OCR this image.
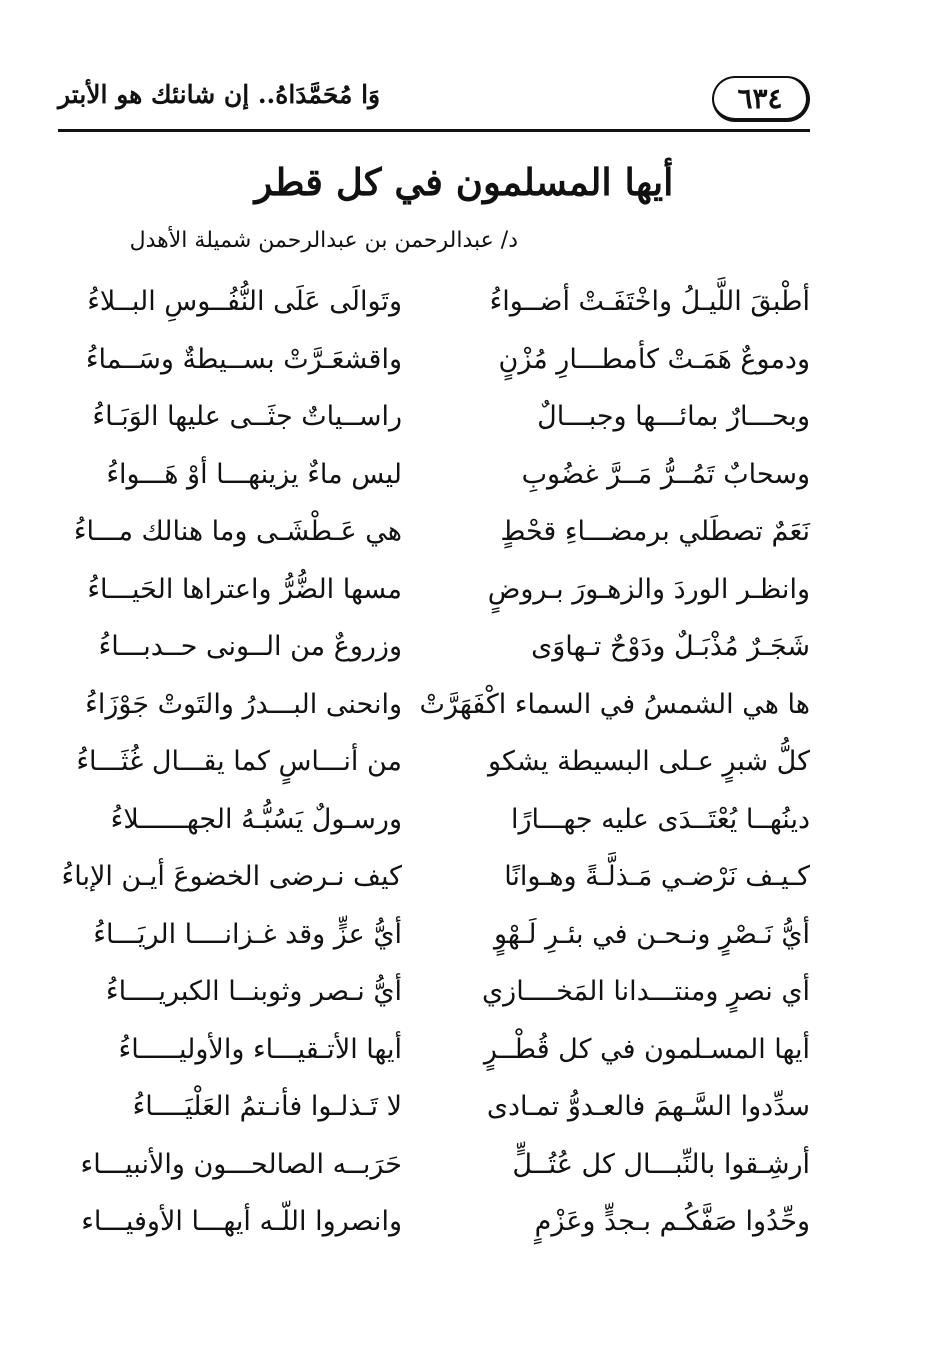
وَا مُحَمَّدَاهُ.. إن شانئك هو الأبتر	٦٣٤
أيها المسلمون في كل قطر
د/ عبدالرحمن بن عبدالرحمن شميلة الأهدل
أطْبقَ اللَّيـلُ واخْتَفَـتْ أضــواءُ
وتَوالَى عَلَى النُّفُــوسِ البــلاءُ
ودموعٌ هَمَـتْ كأمطـــارِ مُزْنٍ
واقشعَـرَّتْ بســيطةٌ وسَــماءُ
وبحـــارٌ بمائـــها وجبـــالٌ
راســياتٌ جثَــى عليها الوَبَـاءُ
وسحابٌ تَمُــرُّ مَــرَّ غضُوبِ
ليس ماءٌ يزينهـــا أوْ هَـــواءُ
نَعَمٌ تصطَلي برمضـــاءِ قحْطٍ
هي عَـطْشَـى وما هنالك مـــاءُ
وانظـر الوردَ والزهـورَ بـروضٍ
مسها الضُّرُّ واعتراها الحَيـــاءُ
شَجَـرٌ مُذْبَـلٌ ودَوْحٌ تـهاوَى
وزروعٌ من الــونى حــدبـــاءُ
ها هي الشمسُ في السماء اكْفَهَرَّتْ
وانحنى البـــدرُ والتَوتْ جَوْزَاءُ
كلُّ شبرٍ عـلى البسيطة يشكو
من أنـــاسٍ كما يقـــال غُثَـــاءُ
دينُهــا يُعْتَــدَى عليه جهـــارًا
ورسـولٌ يَسُبُّـهُ الجهــــــلاءُ
كـيـف نَرْضـي مَـذلَّـةً وهـوانًا
كيف نـرضى الخضوعَ أيـن الإباءُ
أيُّ نَـصْرٍ ونـحـن في بئـرِ لَـهْوٍ
أيُّ عزٍّ وقد غـزانــــا الريَـــاءُ
أي نصرٍ ومنتـــدانا المَخــــازي
أيُّ نـصر وثوبنــا الكبريــــاءُ
أيها المسـلمون في كل قُطْــرٍ
أيها الأتـقيـــاء والأوليـــــاءُ
سدِّدوا السَّـهمَ فالعـدوُّ تمـادى
لا تَـذلـوا فأنـتمُ العَلْيَــــاءُ
أرشِـقوا بالنِّبـــال كل عُتُــلٍّ
حَرَبــه الصالحـــون والأنبيـــاء
وحِّدُوا صَفَّكُـم بـجدٍّ وعَزْمٍ
وانصروا اللّـه أيهـــا الأوفيـــاء
